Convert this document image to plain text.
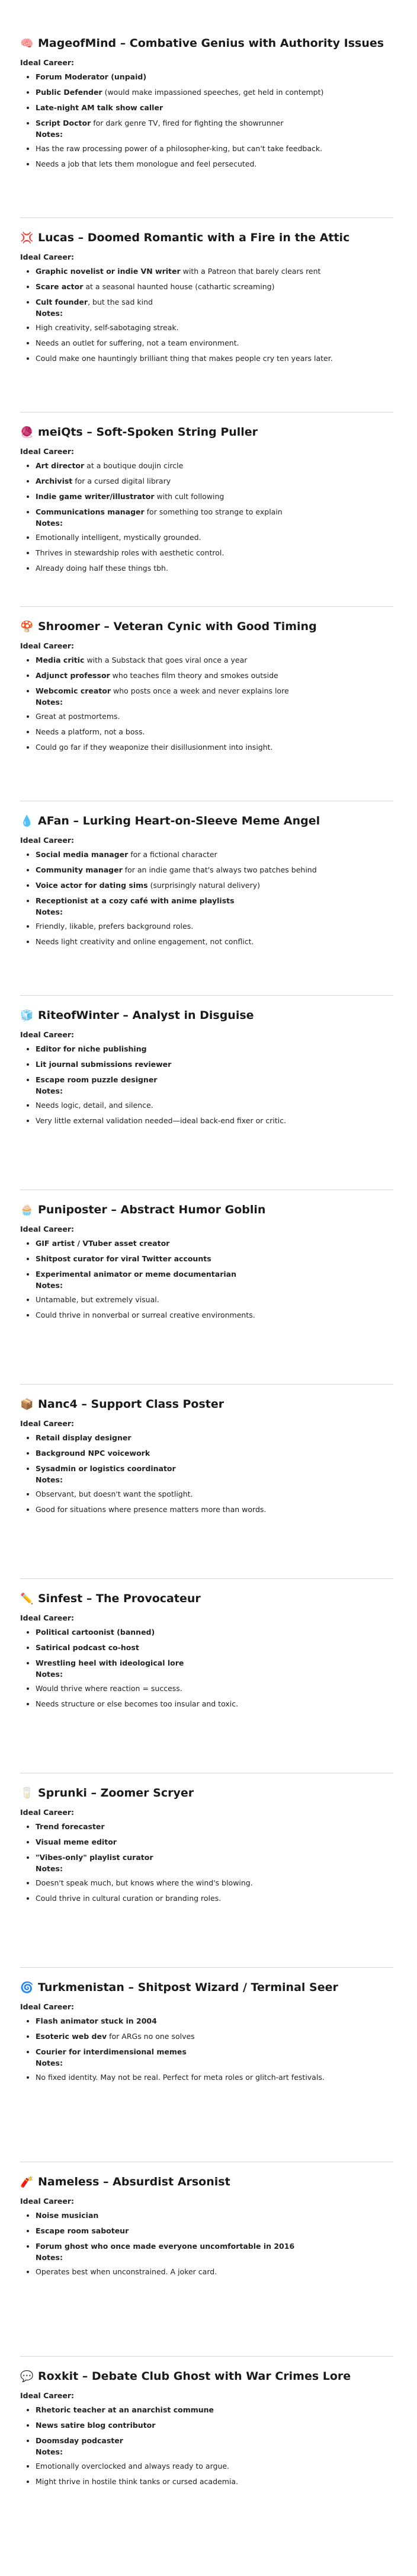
🧠 MageofMind – Combative Genius with Authority Issues
Ideal Career:
• Forum Moderator (unpaid)
• Public Defender (would make impassioned speeches, get held in contempt)
• Late-night AM talk show caller
• Script Doctor for dark genre TV, fired for fighting the showrunner
Notes:
• Has the raw processing power of a philosopher-king, but can't take feedback.
• Needs a job that lets them monologue and feel persecuted.
💢 Lucas – Doomed Romantic with a Fire in the Attic
Ideal Career:
• Graphic novelist or indie VN writer with a Patreon that barely clears rent
• Scare actor at a seasonal haunted house (cathartic screaming)
• Cult founder, but the sad kind
Notes:
• High creativity, self-sabotaging streak.
• Needs an outlet for suffering, not a team environment.
• Could make one hauntingly brilliant thing that makes people cry ten years later.
🧶 meiQts – Soft-Spoken String Puller
Ideal Career:
• Art director at a boutique doujin circle
• Archivist for a cursed digital library
• Indie game writer/illustrator with cult following
• Communications manager for something too strange to explain
Notes:
• Emotionally intelligent, mystically grounded.
• Thrives in stewardship roles with aesthetic control.
• Already doing half these things tbh.
🍄 Shroomer – Veteran Cynic with Good Timing
Ideal Career:
• Media critic with a Substack that goes viral once a year
• Adjunct professor who teaches film theory and smokes outside
• Webcomic creator who posts once a week and never explains lore
Notes:
• Great at postmortems.
• Needs a platform, not a boss.
• Could go far if they weaponize their disillusionment into insight.
💧 AFan – Lurking Heart-on-Sleeve Meme Angel
Ideal Career:
• Social media manager for a fictional character
• Community manager for an indie game that's always two patches behind
• Voice actor for dating sims (surprisingly natural delivery)
• Receptionist at a cozy café with anime playlists
Notes:
• Friendly, likable, prefers background roles.
• Needs light creativity and online engagement, not conflict.
🧊 RiteofWinter – Analyst in Disguise
Ideal Career:
• Editor for niche publishing
• Lit journal submissions reviewer
• Escape room puzzle designer
Notes:
• Needs logic, detail, and silence.
• Very little external validation needed—ideal back-end fixer or critic.
🧁 Puniposter – Abstract Humor Goblin
Ideal Career:
• GIF artist / VTuber asset creator
• Shitpost curator for viral Twitter accounts
• Experimental animator or meme documentarian
Notes:
• Untamable, but extremely visual.
• Could thrive in nonverbal or surreal creative environments.
📦 Nanc4 – Support Class Poster
Ideal Career:
• Retail display designer
• Background NPC voicework
• Sysadmin or logistics coordinator
Notes:
• Observant, but doesn't want the spotlight.
• Good for situations where presence matters more than words.
✏️ Sinfest – The Provocateur
Ideal Career:
• Political cartoonist (banned)
• Satirical podcast co-host
• Wrestling heel with ideological lore
Notes:
• Would thrive where reaction = success.
• Needs structure or else becomes too insular and toxic.
🥛 Sprunki – Zoomer Scryer
Ideal Career:
• Trend forecaster
• Visual meme editor
• "Vibes-only" playlist curator
Notes:
• Doesn't speak much, but knows where the wind's blowing.
• Could thrive in cultural curation or branding roles.
🌀 Turkmenistan – Shitpost Wizard / Terminal Seer
Ideal Career:
• Flash animator stuck in 2004
• Esoteric web dev for ARGs no one solves
• Courier for interdimensional memes
Notes:
• No fixed identity. May not be real. Perfect for meta roles or glitch-art festivals.
🧨 Nameless – Absurdist Arsonist
Ideal Career:
• Noise musician
• Escape room saboteur
• Forum ghost who once made everyone uncomfortable in 2016
Notes:
• Operates best when unconstrained. A joker card.
💬 Roxkit – Debate Club Ghost with War Crimes Lore
Ideal Career:
• Rhetoric teacher at an anarchist commune
• News satire blog contributor
• Doomsday podcaster
Notes:
• Emotionally overclocked and always ready to argue.
• Might thrive in hostile think tanks or cursed academia.
